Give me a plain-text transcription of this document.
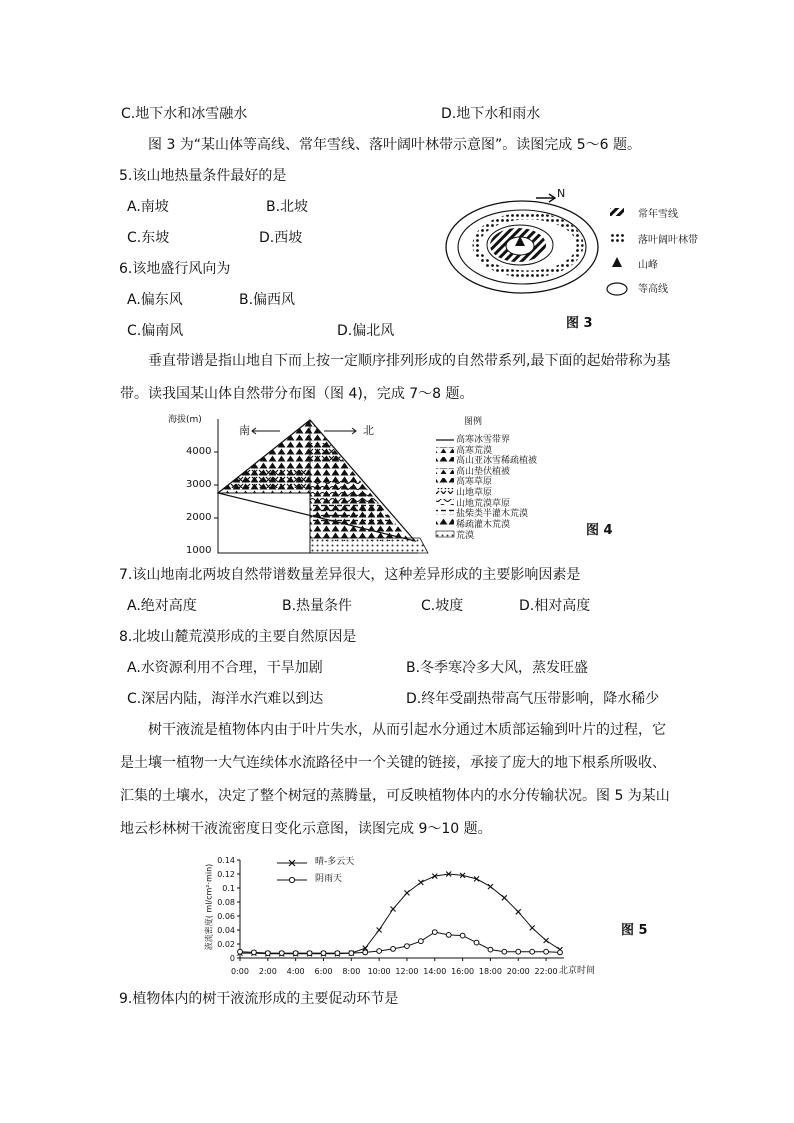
C.地下水和冰雪融水	D.地下水和雨水
图 3 为“某山体等高线、常年雪线、落叶阔叶林带示意图”。读图完成 5～6 题。
5.该山地热量条件最好的是
A.南坡	B.北坡
C.东坡	D.西坡
6.该地盛行风向为
A.偏东风	B.偏西风
C.偏南风	D.偏北风
N
常年雪线
落叶阔叶林带
山峰
等高线
图 3
垂直带谱是指山地自下而上按一定顺序排列形成的自然带系列,最下面的起始带称为基带。读我国某山体自然带分布图（图 4)，完成 7～8 题。
海拔(m)
4000
3000
2000
1000
南	北
图例
高寒冰雪带界
高寒荒漠
高山亚冰雪稀疏植被
高山垫伏植被
高寒草原
山地草原
山地荒漠草原
盐柴类半灌木荒漠
稀疏灌木荒漠
荒漠	图 4
7.该山地南北两坡自然带谱数量差异很大，这种差异形成的主要影响因素是
A.绝对高度	B.热量条件	C.坡度	D.相对高度
8.北坡山麓荒漠形成的主要自然原因是
A.水资源利用不合理，干旱加剧	B.冬季寒冷多大风，蒸发旺盛
C.深居内陆，海洋水汽难以到达	D.终年受副热带高气压带影响，降水稀少
树干液流是植物体内由于叶片失水，从而引起水分通过木质部运输到叶片的过程，它是土壤一植物一大气连续体水流路径中一个关键的链接，承接了庞大的地下根系所吸收、汇集的土壤水，决定了整个树冠的蒸腾量，可反映植物体内的水分传输状况。图 5 为某山地云杉林树干液流密度日变化示意图，读图完成 9～10 题。
0
0.02
0.04
0.06
0.08
0.1
0.12
0.14
0:00 2:00 4:00 6:00 8:00 10:00 12:00 14:00 16:00 18:00 20:00 22:00
晴-多云天
阴雨天
液流密度( ml/cm²·min)
北京时间
图 5
9.植物体内的树干液流形成的主要促动环节是
